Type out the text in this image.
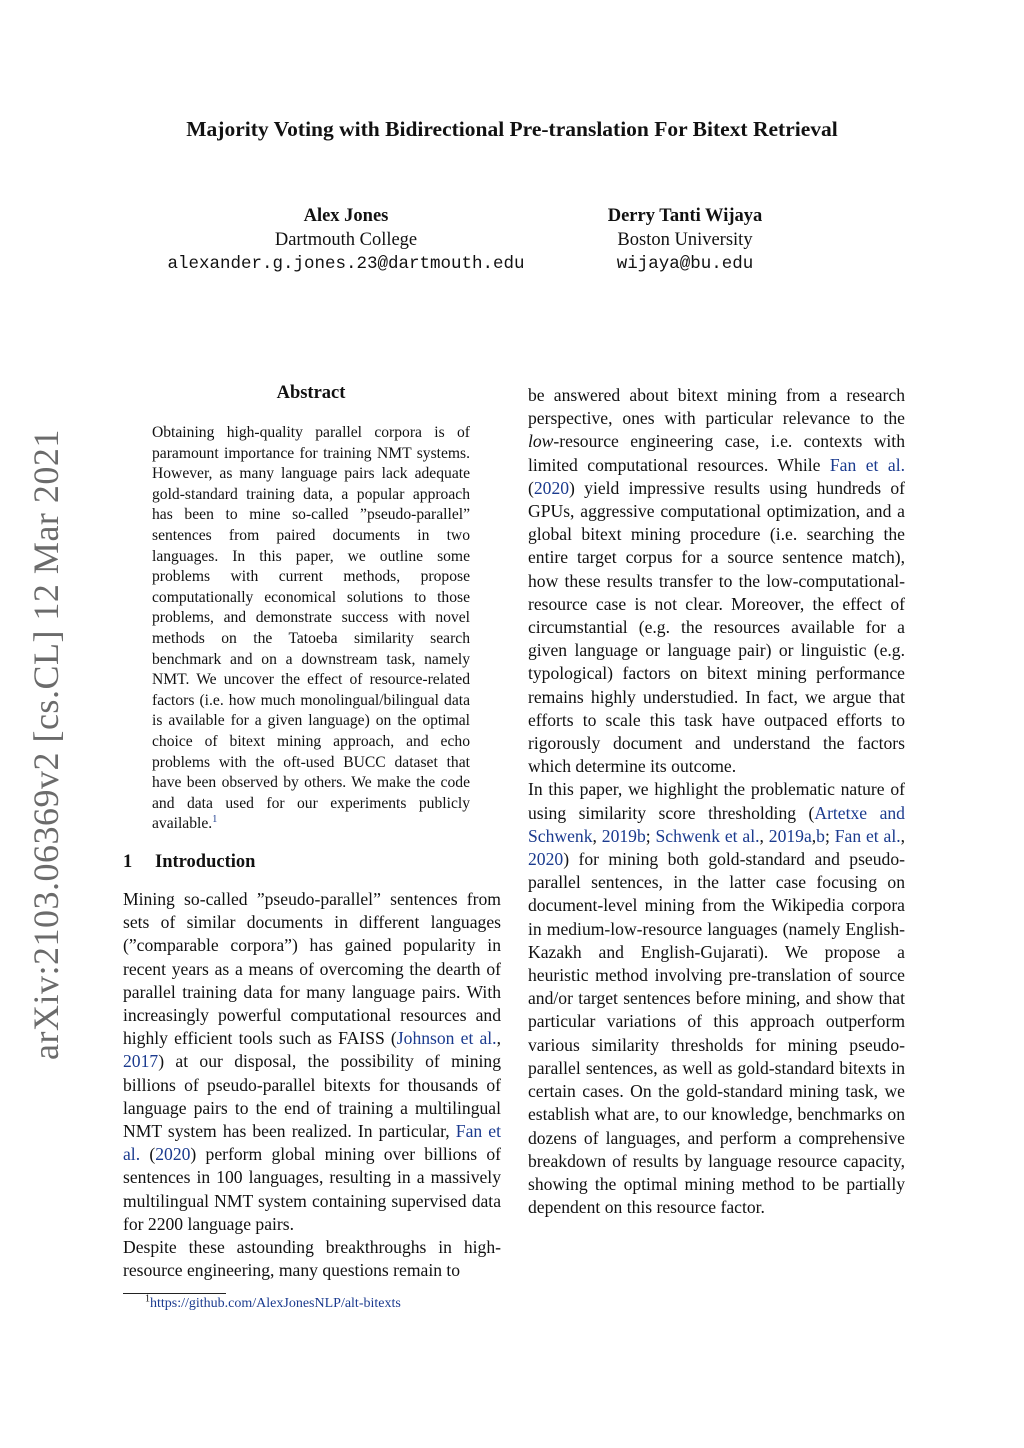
arXiv:2103.06369v2 [cs.CL] 12 Mar 2021
Majority Voting with Bidirectional Pre-translation For Bitext Retrieval
Alex Jones
Dartmouth College
alexander.g.jones.23@dartmouth.edu
Derry Tanti Wijaya
Boston University
wijaya@bu.edu
Abstract
Obtaining high-quality parallel corpora is of paramount importance for training NMT systems. However, as many language pairs lack adequate gold-standard training data, a popular approach has been to mine so-called ”pseudo-parallel” sentences from paired documents in two languages. In this paper, we outline some problems with current methods, propose computationally economical solutions to those problems, and demonstrate success with novel methods on the Tatoeba similarity search benchmark and on a downstream task, namely NMT. We uncover the effect of resource-related factors (i.e. how much monolingual/bilingual data is available for a given language) on the optimal choice of bitext mining approach, and echo problems with the oft-used BUCC dataset that have been observed by others. We make the code and data used for our experiments publicly available.$^1$
1 Introduction

Mining so-called ”pseudo-parallel” sentences from sets of similar documents in different languages (”comparable corpora”) has gained popularity in recent years as a means of overcoming the dearth of parallel training data for many language pairs. With increasingly powerful computational resources and highly efficient tools such as FAISS (Johnson et al., 2017) at our disposal, the possibility of mining billions of pseudo-parallel bitexts for thousands of language pairs to the end of training a multilingual NMT system has been realized. In particular, Fan et al. (2020) perform global mining over billions of sentences in 100 languages, resulting in a massively multilingual NMT system containing supervised data for 2200 language pairs.

Despite these astounding breakthroughs in high-resource engineering, many questions remain to

be answered about bitext mining from a research perspective, ones with particular relevance to the low-resource engineering case, i.e. contexts with limited computational resources. While Fan et al. (2020) yield impressive results using hundreds of GPUs, aggressive computational optimization, and a global bitext mining procedure (i.e. searching the entire target corpus for a source sentence match), how these results transfer to the low-computational-resource case is not clear. Moreover, the effect of circumstantial (e.g. the resources available for a given language or language pair) or linguistic (e.g. typological) factors on bitext mining performance remains highly understudied. In fact, we argue that efforts to scale this task have outpaced efforts to rigorously document and understand the factors which determine its outcome.

In this paper, we highlight the problematic nature of using similarity score thresholding (Artetxe and Schwenk, 2019b; Schwenk et al., 2019a,b; Fan et al., 2020) for mining both gold-standard and pseudo-parallel sentences, in the latter case focusing on document-level mining from the Wikipedia corpora in medium-low-resource languages (namely English-Kazakh and English-Gujarati). We propose a heuristic method involving pre-translation of source and/or target sentences before mining, and show that particular variations of this approach outperform various similarity thresholds for mining pseudo-parallel sentences, as well as gold-standard bitexts in certain cases. On the gold-standard mining task, we establish what are, to our knowledge, benchmarks on dozens of languages, and perform a comprehensive breakdown of results by language resource capacity, showing the optimal mining method to be partially dependent on this resource factor.

$^1$https://github.com/AlexJonesNLP/alt-bitexts
